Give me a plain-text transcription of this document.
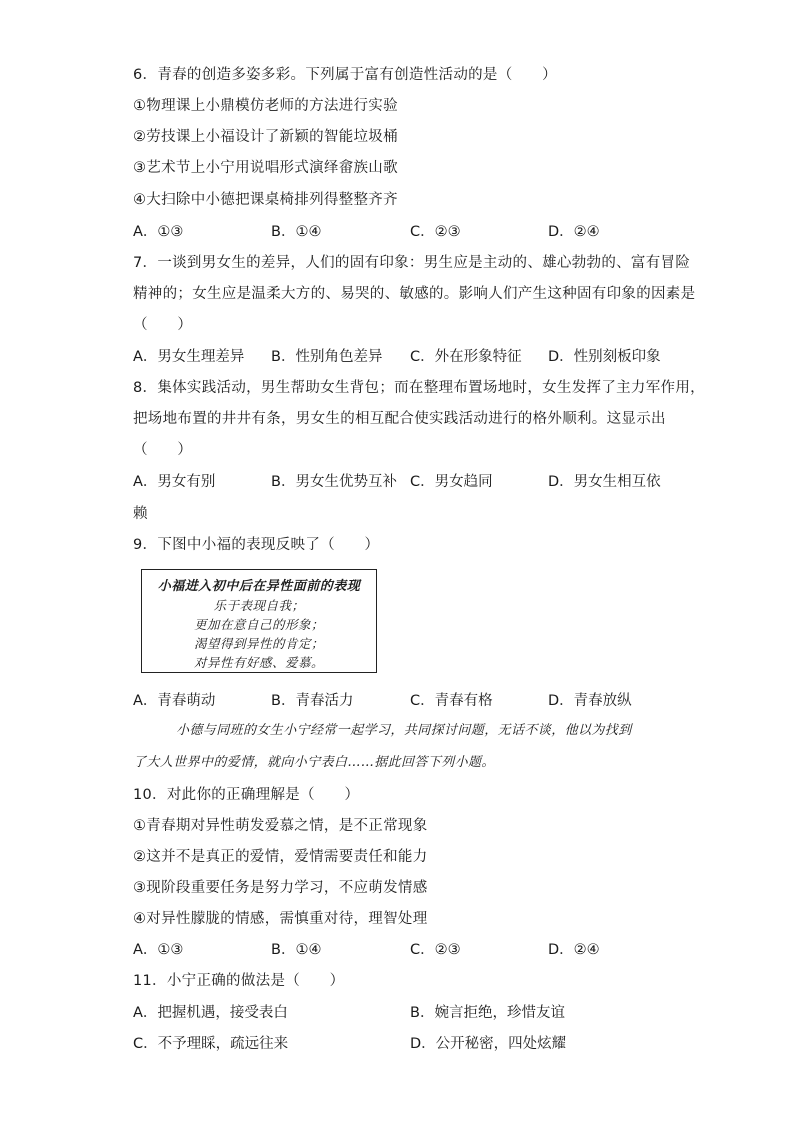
6．青春的创造多姿多彩。下列属于富有创造性活动的是（　　）
①物理课上小鼎模仿老师的方法进行实验
②劳技课上小福设计了新颖的智能垃圾桶
③艺术节上小宁用说唱形式演绎畲族山歌
④大扫除中小德把课桌椅排列得整整齐齐
A．①③	B．①④	C．②③	D．②④
7．一谈到男女生的差异，人们的固有印象：男生应是主动的、雄心勃勃的、富有冒险
精神的；女生应是温柔大方的、易哭的、敏感的。影响人们产生这种固有印象的因素是
（　　）
A．男女生理差异 B．性别角色差异 C．外在形象特征 D．性别刻板印象
8．集体实践活动，男生帮助女生背包；而在整理布置场地时，女生发挥了主力军作用，
把场地布置的井井有条，男女生的相互配合使实践活动进行的格外顺利。这显示出
（　　）
A．男女有别	B．男女生优势互补 C．男女趋同	D．男女生相互依
赖
9．下图中小福的表现反映了（　　）
小福进入初中后在异性面前的表现
乐于表现自我；
更加在意自己的形象；
渴望得到异性的肯定；
对异性有好感、爱慕。
A．青春萌动	B．青春活力	C．青春有格	D．青春放纵
小德与同班的女生小宁经常一起学习，共同探讨问题，无话不谈，他以为找到
了大人世界中的爱情，就向小宁表白……据此回答下列小题。
10．对此你的正确理解是（　　）
①青春期对异性萌发爱慕之情，是不正常现象
②这并不是真正的爱情，爱情需要责任和能力
③现阶段重要任务是努力学习，不应萌发情感
④对异性朦胧的情感，需慎重对待，理智处理
A．①③	B．①④	C．②③	D．②④
11．小宁正确的做法是（　　）
A．把握机遇，接受表白	B．婉言拒绝，珍惜友谊
C．不予理睬，疏远往来	D．公开秘密，四处炫耀
